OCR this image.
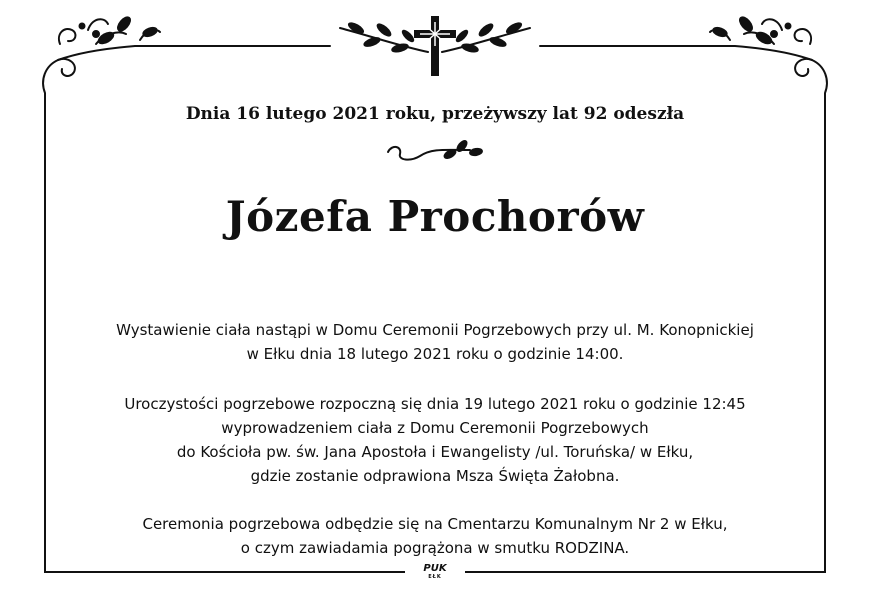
Dnia 16 lutego 2021 roku, przeżywszy lat 92 odeszła
Józefa Prochorów
Wystawienie ciała nastąpi w Domu Ceremonii Pogrzebowych przy ul. M. Konopnickiej
w Ełku dnia 18 lutego 2021 roku o godzinie 14:00.
Uroczystości pogrzebowe rozpoczną się dnia 19 lutego 2021 roku o godzinie 12:45
wyprowadzeniem ciała z Domu Ceremonii Pogrzebowych
do Kościoła pw. św. Jana Apostoła i Ewangelisty /ul. Toruńska/ w Ełku,
gdzie zostanie odprawiona Msza Święta Żałobna.
Ceremonia pogrzebowa odbędzie się na Cmentarzu Komunalnym Nr 2 w Ełku,
o czym zawiadamia pogrążona w smutku RODZINA.
PUK
EŁK
